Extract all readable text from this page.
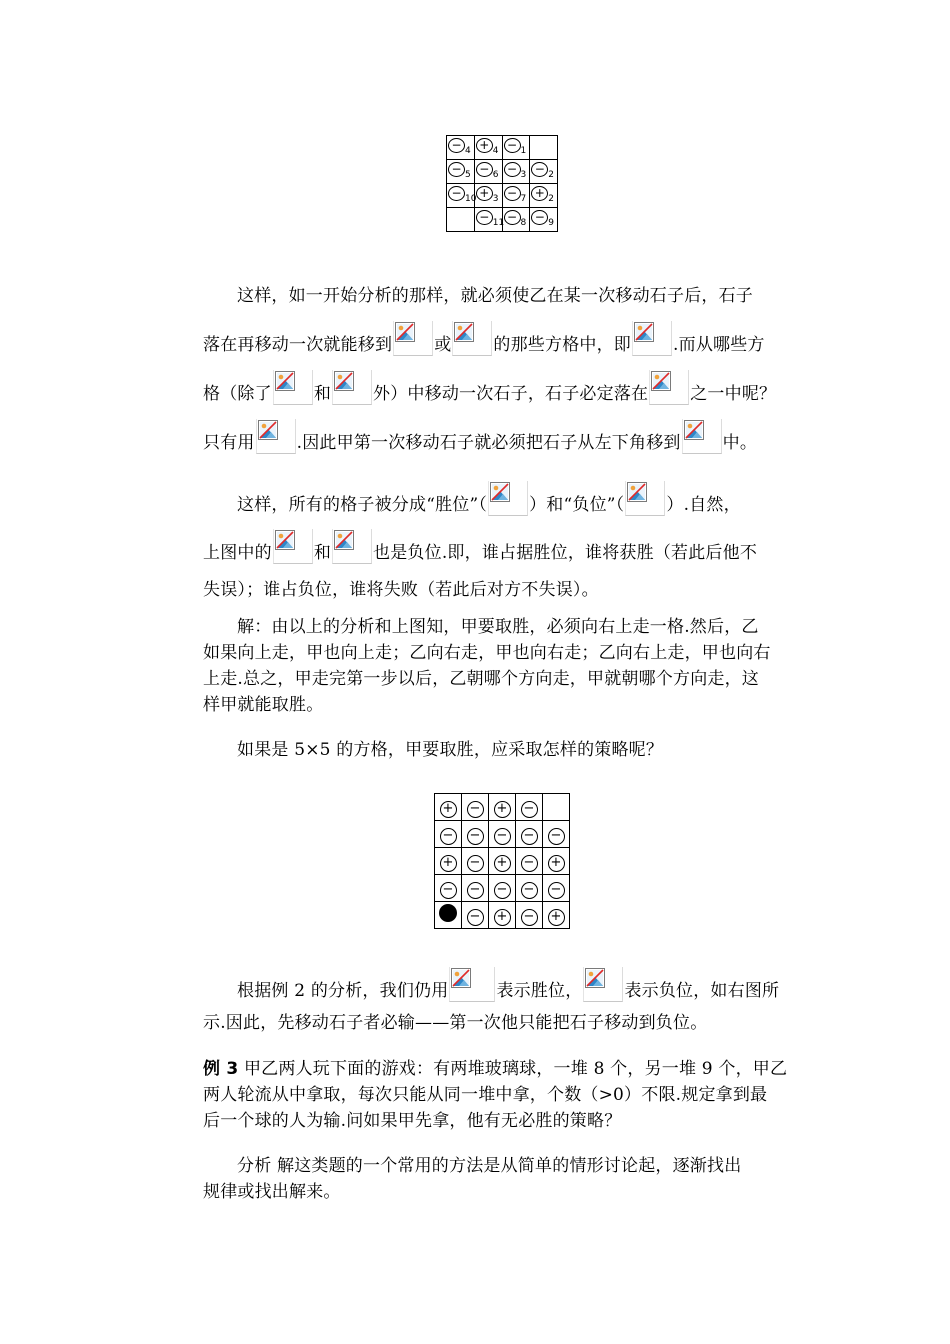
− 4	+ 4	− 1	

− 5	− 6	− 3	− 2

− 10	+ 3	− 7	+ 2

	− 11	− 8	− 9
这样，如一开始分析的那样，就必须使乙在某一次移动石子后，石子
落在再移动一次就能移到 或 的那些方格中，即 .而从哪些方
格（除了 和 外）中移动一次石子，石子必定落在 之一中呢？
只有用 .因此甲第一次移动石子就必须把石子从左下角移到 中。
这样，所有的格子被分成“胜位”（ ）和“负位”（ ）.自然，
上图中的 和 也是负位.即，谁占据胜位，谁将获胜（若此后他不
失误）；谁占负位，谁将失败（若此后对方不失误）。
解：由以上的分析和上图知，甲要取胜，必须向右上走一格.然后，乙
如果向上走，甲也向上走；乙向右走，甲也向右走；乙向右上走，甲也向右
上走.总之，甲走完第一步以后，乙朝哪个方向走，甲就朝哪个方向走，这
样甲就能取胜。
如果是 5×5 的方格，甲要取胜，应采取怎样的策略呢？
+	−	+	−	
−	−	−	−	−
+	−	+	−	+
−	−	−	−	−
	−	+	−	+
根据例 2 的分析，我们仍用	表示胜位， 表示负位，如右图所
示.因此，先移动石子者必输——第一次他只能把石子移动到负位。
例 3 甲乙两人玩下面的游戏：有两堆玻璃球，一堆 8 个，另一堆 9 个，甲乙
两人轮流从中拿取，每次只能从同一堆中拿，个数（>0）不限.规定拿到最
后一个球的人为输.问如果甲先拿，他有无必胜的策略？
分析 解这类题的一个常用的方法是从简单的情形讨论起，逐渐找出
规律或找出解来。
